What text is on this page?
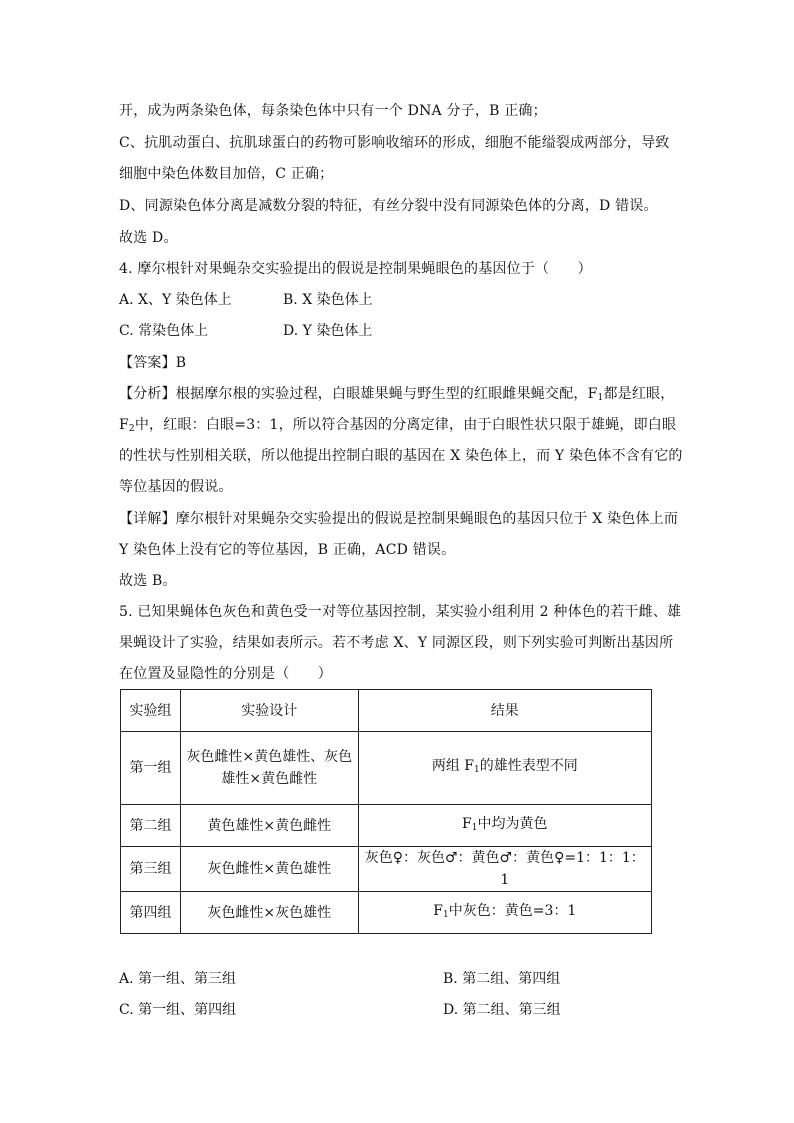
开，成为两条染色体，每条染色体中只有一个 DNA 分子，B 正确；
C、抗肌动蛋白、抗肌球蛋白的药物可影响收缩环的形成，细胞不能缢裂成两部分，导致
细胞中染色体数目加倍，C 正确；
D、同源染色体分离是减数分裂的特征，有丝分裂中没有同源染色体的分离，D 错误。
故选 D。
4. 摩尔根针对果蝇杂交实验提出的假说是控制果蝇眼色的基因位于（　　）
A. X、Y 染色体上	B. X 染色体上
C. 常染色体上	D. Y 染色体上
【答案】B
【分析】根据摩尔根的实验过程，白眼雄果蝇与野生型的红眼雌果蝇交配，$F_1$都是红眼，
$F_2$中，红眼：白眼=3：1，所以符合基因的分离定律，由于白眼性状只限于雄蝇，即白眼
的性状与性别相关联，所以他提出控制白眼的基因在 X 染色体上，而 Y 染色体不含有它的
等位基因的假说。
【详解】摩尔根针对果蝇杂交实验提出的假说是控制果蝇眼色的基因只位于 X 染色体上而
Y 染色体上没有它的等位基因，B 正确，ACD 错误。
故选 B。
5. 已知果蝇体色灰色和黄色受一对等位基因控制，某实验小组利用 2 种体色的若干雌、雄
果蝇设计了实验，结果如表所示。若不考虑 X、Y 同源区段，则下列实验可判断出基因所
在位置及显隐性的分别是（　　）
实验组	实验设计	结果
第一组	灰色雌性×黄色雄性、灰色
雄性×黄色雌性	两组 $F_1$的雄性表型不同
第二组	黄色雄性×黄色雌性	$F_1$中均为黄色
第三组	灰色雌性×黄色雄性	灰色♀：灰色♂：黄色♂：黄色♀=1：1：1：1
第四组	灰色雌性×灰色雄性	$F_1$中灰色：黄色=3：1
A. 第一组、第三组	B. 第二组、第四组
C. 第一组、第四组	D. 第二组、第三组
